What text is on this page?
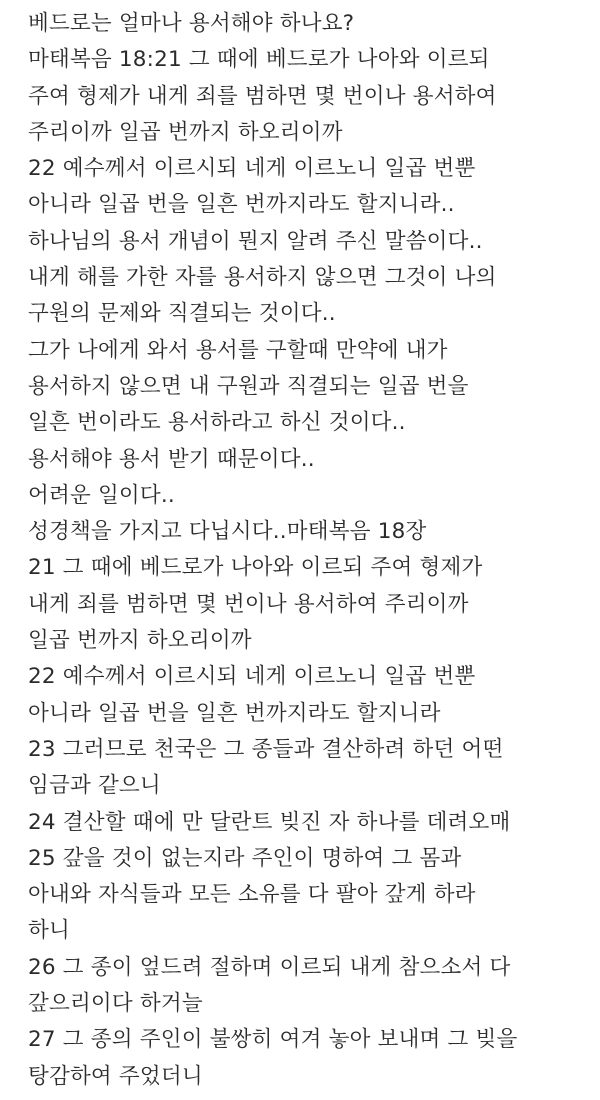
베드로는 얼마나 용서해야 하나요?
마태복음 18:21 그 때에 베드로가 나아와 이르되
주여 형제가 내게 죄를 범하면 몇 번이나 용서하여
주리이까 일곱 번까지 하오리이까
22 예수께서 이르시되 네게 이르노니 일곱 번뿐
아니라 일곱 번을 일흔 번까지라도 할지니라..
하나님의 용서 개념이 뭔지 알려 주신 말씀이다..
내게 해를 가한 자를 용서하지 않으면 그것이 나의
구원의 문제와 직결되는 것이다..
그가 나에게 와서 용서를 구할때 만약에 내가
용서하지 않으면 내 구원과 직결되는 일곱 번을
일흔 번이라도 용서하라고 하신 것이다..
용서해야 용서 받기 때문이다..
어려운 일이다..
성경책을 가지고 다닙시다..마태복음 18장
21 그 때에 베드로가 나아와 이르되 주여 형제가
내게 죄를 범하면 몇 번이나 용서하여 주리이까
일곱 번까지 하오리이까
22 예수께서 이르시되 네게 이르노니 일곱 번뿐
아니라 일곱 번을 일흔 번까지라도 할지니라
23 그러므로 천국은 그 종들과 결산하려 하던 어떤
임금과 같으니
24 결산할 때에 만 달란트 빚진 자 하나를 데려오매
25 갚을 것이 없는지라 주인이 명하여 그 몸과
아내와 자식들과 모든 소유를 다 팔아 갚게 하라
하니
26 그 종이 엎드려 절하며 이르되 내게 참으소서 다
갚으리이다 하거늘
27 그 종의 주인이 불쌍히 여겨 놓아 보내며 그 빚을
탕감하여 주었더니
